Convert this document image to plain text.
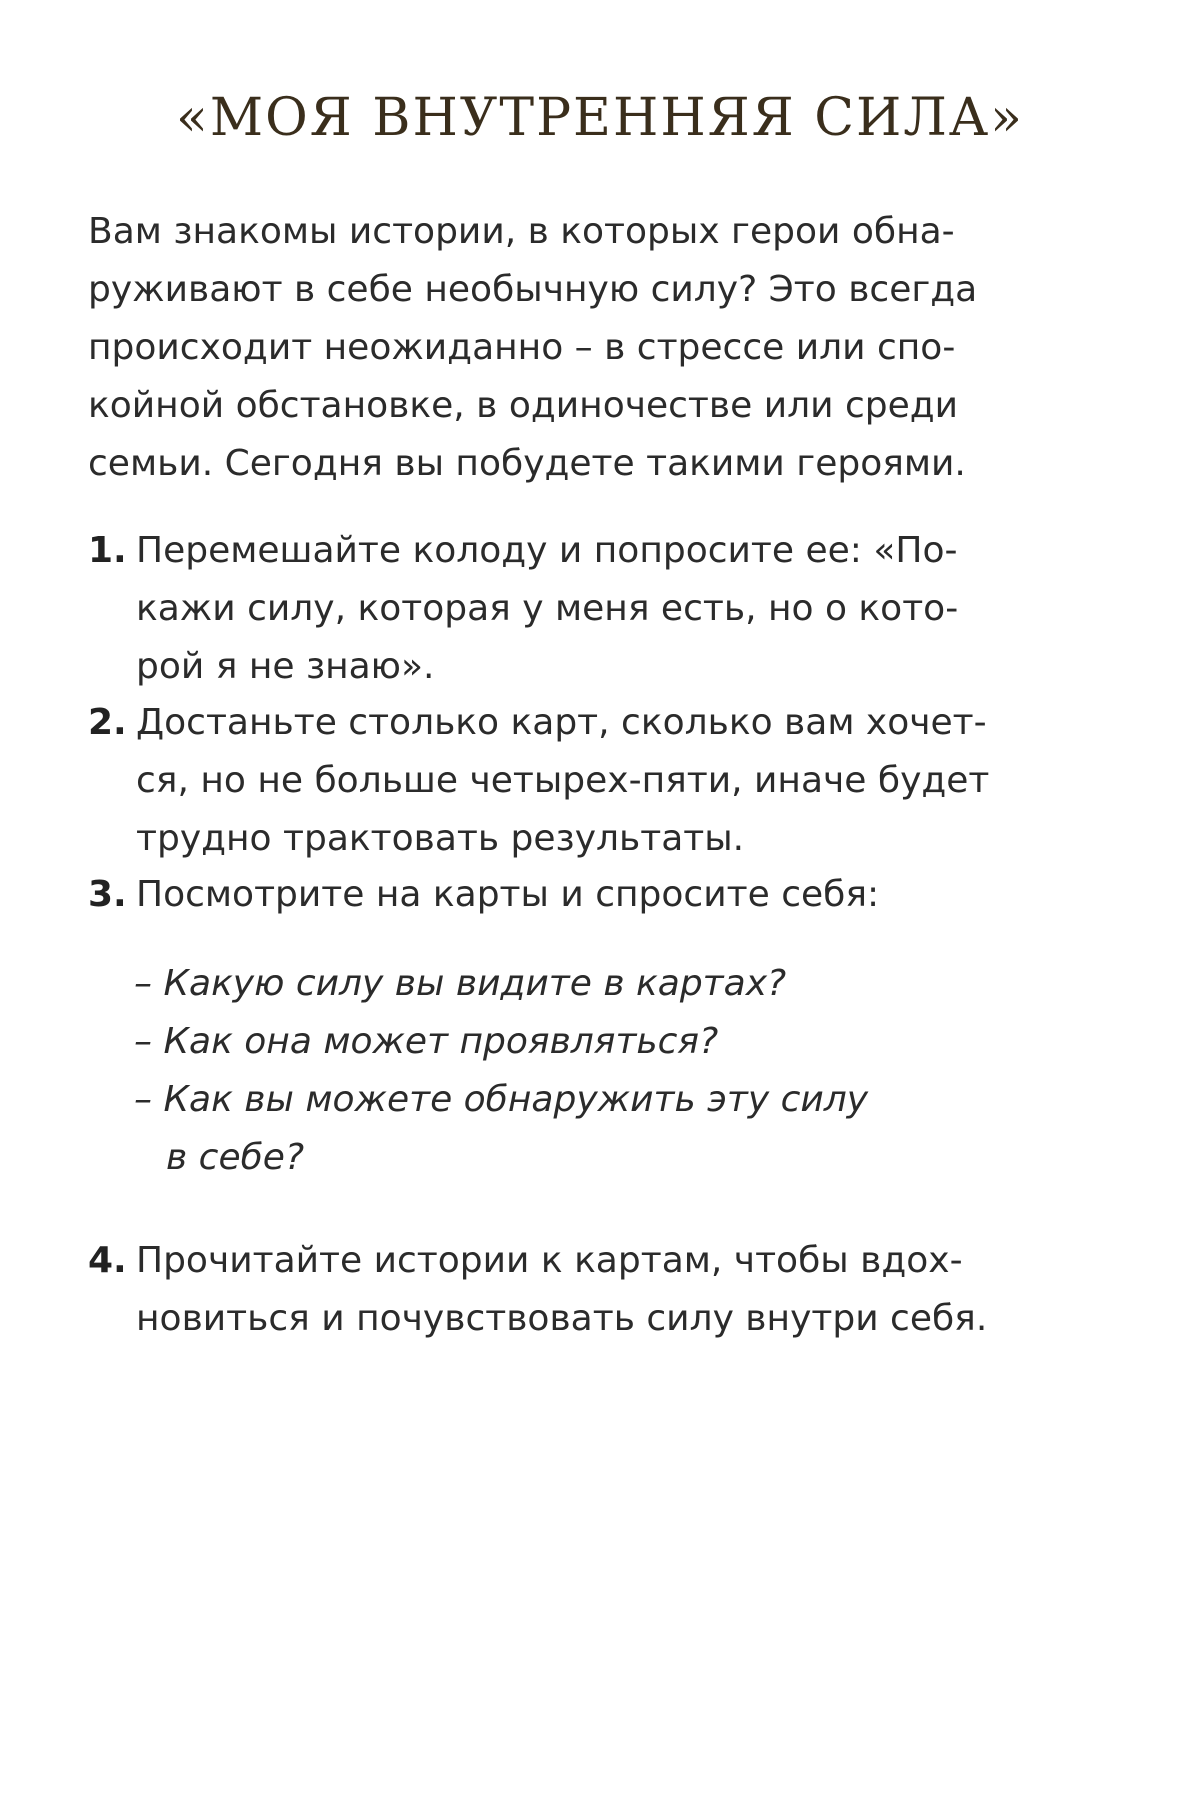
«МОЯ ВНУТРЕННЯЯ СИЛА»
Вам знакомы истории, в которых герои обна-
руживают в себе необычную силу? Это всегда
происходит неожиданно – в стрессе или спо-
койной обстановке, в одиночестве или среди
семьи. Сегодня вы побудете такими героями.
1. Перемешайте колоду и попросите ее: «По-
кажи силу, которая у меня есть, но о кото-
рой я не знаю».
2. Достаньте столько карт, сколько вам хочет-
ся, но не больше четырех-пяти, иначе будет
трудно трактовать результаты.
3. Посмотрите на карты и спросите себя:
– Какую силу вы видите в картах?
– Как она может проявляться?
– Как вы можете обнаружить эту силу
в себе?
4. Прочитайте истории к картам, чтобы вдох-
новиться и почувствовать силу внутри себя.
